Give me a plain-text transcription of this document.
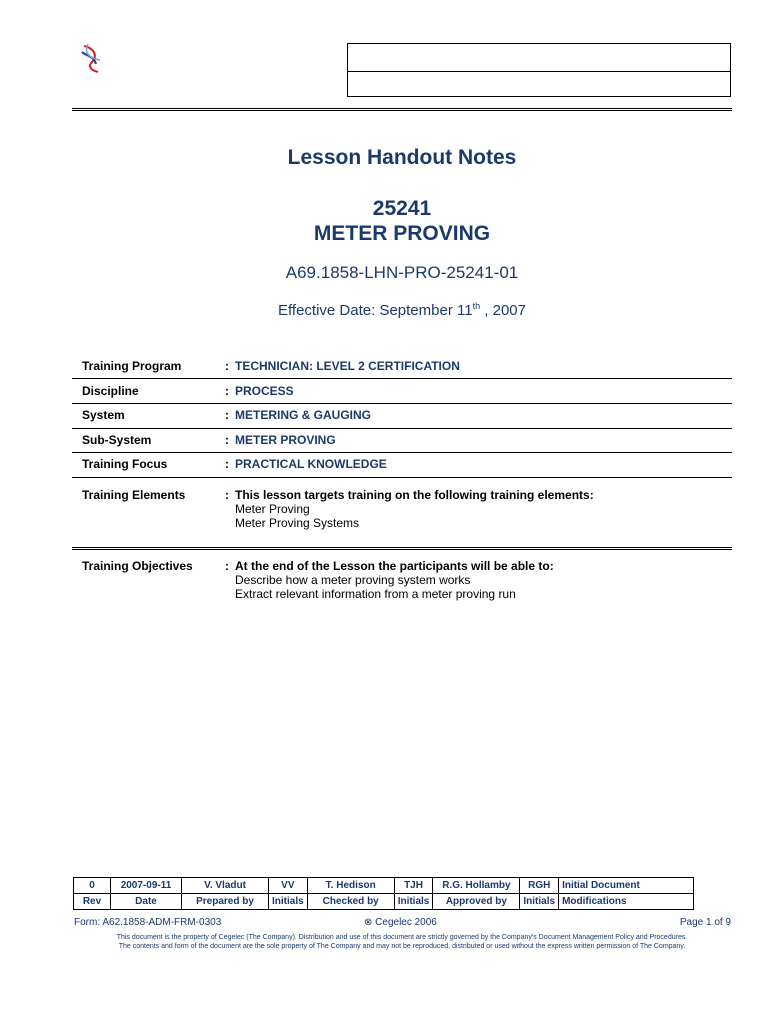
Lesson Handout Notes
25241
METER PROVING
A69.1858-LHN-PRO-25241-01
Effective Date: September 11th , 2007
Training Program	: TECHNICIAN: LEVEL 2 CERTIFICATION
Discipline	: PROCESS
System	: METERING & GAUGING
Sub-System	: METER PROVING
Training Focus	: PRACTICAL KNOWLEDGE
Training Elements	: This lesson targets training on the following training elements:
Meter Proving
Meter Proving Systems
Training Objectives	: At the end of the Lesson the participants will be able to:
Describe how a meter proving system works
Extract relevant information from a meter proving run
0	2007-09-11	V. Vladut	VV	T. Hedison	TJH	R.G. Hollamby	RGH	Initial Document
Rev	Date	Prepared by	Initials	Checked by	Initials	Approved by	Initials	Modifications
Form: A62.1858-ADM-FRM-0303	⊗ Cegelec 2006	Page 1 of 9
This document is the property of Cegelec (The Company). Distribution and use of this document are strictly governed by the Company's Document Management Policy and Procedures.
The contents and form of the document are the sole property of The Company and may not be reproduced, distributed or used without the express written permission of The Company.
